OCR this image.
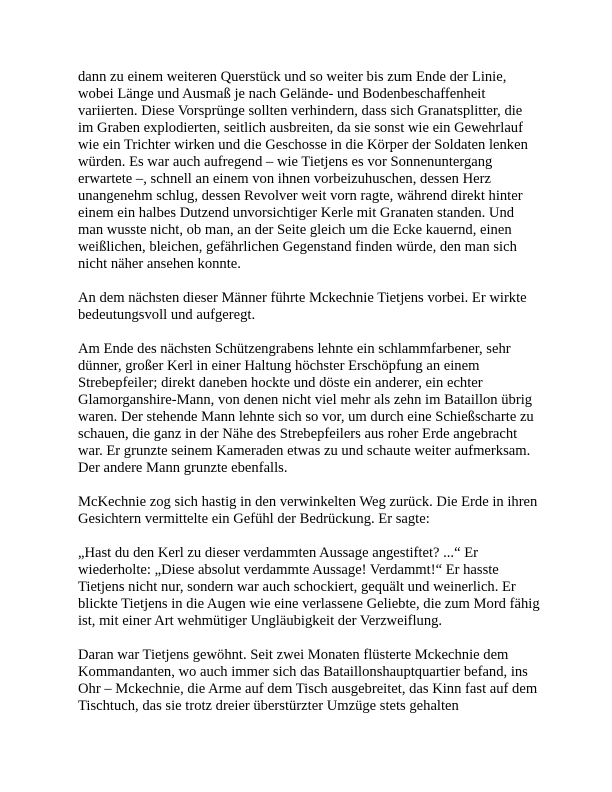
dann zu einem weiteren Querstück und so weiter bis zum Ende der Linie, wobei Länge und Ausmaß je nach Gelände- und Bodenbeschaffenheit variierten. Diese Vorsprünge sollten verhindern, dass sich Granatsplitter, die im Graben explodierten, seitlich ausbreiten, da sie sonst wie ein Gewehrlauf wie ein Trichter wirken und die Geschosse in die Körper der Soldaten lenken würden. Es war auch aufregend – wie Tietjens es vor Sonnenuntergang erwartete –, schnell an einem von ihnen vorbeizuhuschen, dessen Herz unangenehm schlug, dessen Revolver weit vorn ragte, während direkt hinter einem ein halbes Dutzend unvorsichtiger Kerle mit Granaten standen. Und man wusste nicht, ob man, an der Seite gleich um die Ecke kauernd, einen weißlichen, bleichen, gefährlichen Gegenstand finden würde, den man sich nicht näher ansehen konnte.

An dem nächsten dieser Männer führte Mckechnie Tietjens vorbei. Er wirkte bedeutungsvoll und aufgeregt.

Am Ende des nächsten Schützengrabens lehnte ein schlammfarbener, sehr dünner, großer Kerl in einer Haltung höchster Erschöpfung an einem Strebepfeiler; direkt daneben hockte und döste ein anderer, ein echter Glamorganshire-Mann, von denen nicht viel mehr als zehn im Bataillon übrig waren. Der stehende Mann lehnte sich so vor, um durch eine Schießscharte zu schauen, die ganz in der Nähe des Strebepfeilers aus roher Erde angebracht war. Er grunzte seinem Kameraden etwas zu und schaute weiter aufmerksam. Der andere Mann grunzte ebenfalls.

McKechnie zog sich hastig in den verwinkelten Weg zurück. Die Erde in ihren Gesichtern vermittelte ein Gefühl der Bedrückung. Er sagte:

„Hast du den Kerl zu dieser verdammten Aussage angestiftet? ...“ Er wiederholte: „Diese absolut verdammte Aussage! Verdammt!“ Er hasste Tietjens nicht nur, sondern war auch schockiert, gequält und weinerlich. Er blickte Tietjens in die Augen wie eine verlassene Geliebte, die zum Mord fähig ist, mit einer Art wehmütiger Ungläubigkeit der Verzweiflung.

Daran war Tietjens gewöhnt. Seit zwei Monaten flüsterte Mckechnie dem Kommandanten, wo auch immer sich das Bataillonshauptquartier befand, ins Ohr – Mckechnie, die Arme auf dem Tisch ausgebreitet, das Kinn fast auf dem Tischtuch, das sie trotz dreier überstürzter Umzüge stets gehalten
